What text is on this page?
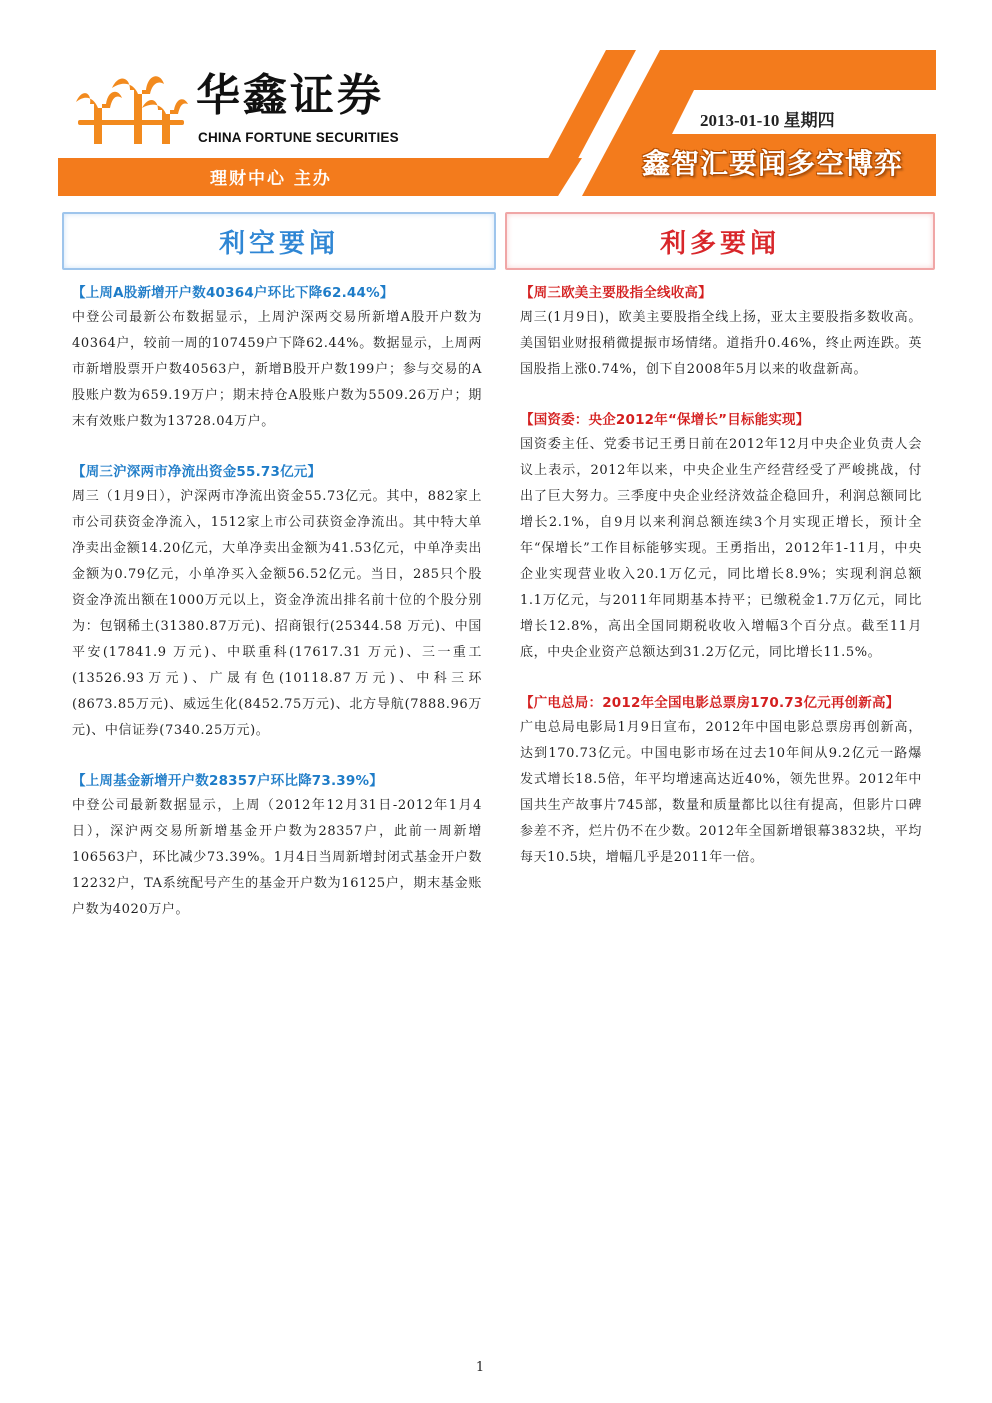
华鑫证券
CHINA FORTUNE SECURITIES
理财中心 主办
2013-01-10 星期四
鑫智汇要闻多空博弈
利空要闻	利多要闻
【上周A股新增开户数40364户环比下降62.44%】
中登公司最新公布数据显示，上周沪深两交易所新增A股开户数为40364户，较前一周的107459户下降62.44%。数据显示，上周两市新增股票开户数40563户，新增B股开户数199户；参与交易的A股账户数为659.19万户；期末持仓A股账户数为5509.26万户；期末有效账户数为13728.04万户。
【周三沪深两市净流出资金55.73亿元】
周三（1月9日），沪深两市净流出资金55.73亿元。其中，882家上市公司获资金净流入，1512家上市公司获资金净流出。其中特大单净卖出金额14.20亿元，大单净卖出金额为41.53亿元，中单净卖出金额为0.79亿元，小单净买入金额56.52亿元。当日，285只个股资金净流出额在1000万元以上，资金净流出排名前十位的个股分别为：包钢稀土(31380.87万元)、招商银行(25344.58 万元)、中国平安(17841.9 万元)、中联重科(17617.31 万元)、三一重工(13526.93万元)、广晟有色(10118.87万元)、中科三环(8673.85万元)、威远生化(8452.75万元)、北方导航(7888.96万元)、中信证券(7340.25万元)。
【上周基金新增开户数28357户环比降73.39%】
中登公司最新数据显示，上周（2012年12月31日-2012年1月4日），深沪两交易所新增基金开户数为28357户，此前一周新增106563户，环比减少73.39%。1月4日当周新增封闭式基金开户数12232户，TA系统配号产生的基金开户数为16125户，期末基金账户数为4020万户。
【周三欧美主要股指全线收高】
周三(1月9日)，欧美主要股指全线上扬，亚太主要股指多数收高。美国铝业财报稍微提振市场情绪。道指升0.46%，终止两连跌。英国股指上涨0.74%，创下自2008年5月以来的收盘新高。
【国资委：央企2012年“保增长”目标能实现】
国资委主任、党委书记王勇日前在2012年12月中央企业负责人会议上表示，2012年以来，中央企业生产经营经受了严峻挑战，付出了巨大努力。三季度中央企业经济效益企稳回升，利润总额同比增长2.1%，自9月以来利润总额连续3个月实现正增长，预计全年“保增长”工作目标能够实现。王勇指出，2012年1-11月，中央企业实现营业收入20.1万亿元，同比增长8.9%；实现利润总额1.1万亿元，与2011年同期基本持平；已缴税金1.7万亿元，同比增长12.8%，高出全国同期税收收入增幅3个百分点。截至11月底，中央企业资产总额达到31.2万亿元，同比增长11.5%。
【广电总局：2012年全国电影总票房170.73亿元再创新高】
广电总局电影局1月9日宣布，2012年中国电影总票房再创新高，达到170.73亿元。中国电影市场在过去10年间从9.2亿元一路爆发式增长18.5倍，年平均增速高达近40%，领先世界。2012年中国共生产故事片745部，数量和质量都比以往有提高，但影片口碑参差不齐，烂片仍不在少数。2012年全国新增银幕3832块，平均每天10.5块，增幅几乎是2011年一倍。
1
